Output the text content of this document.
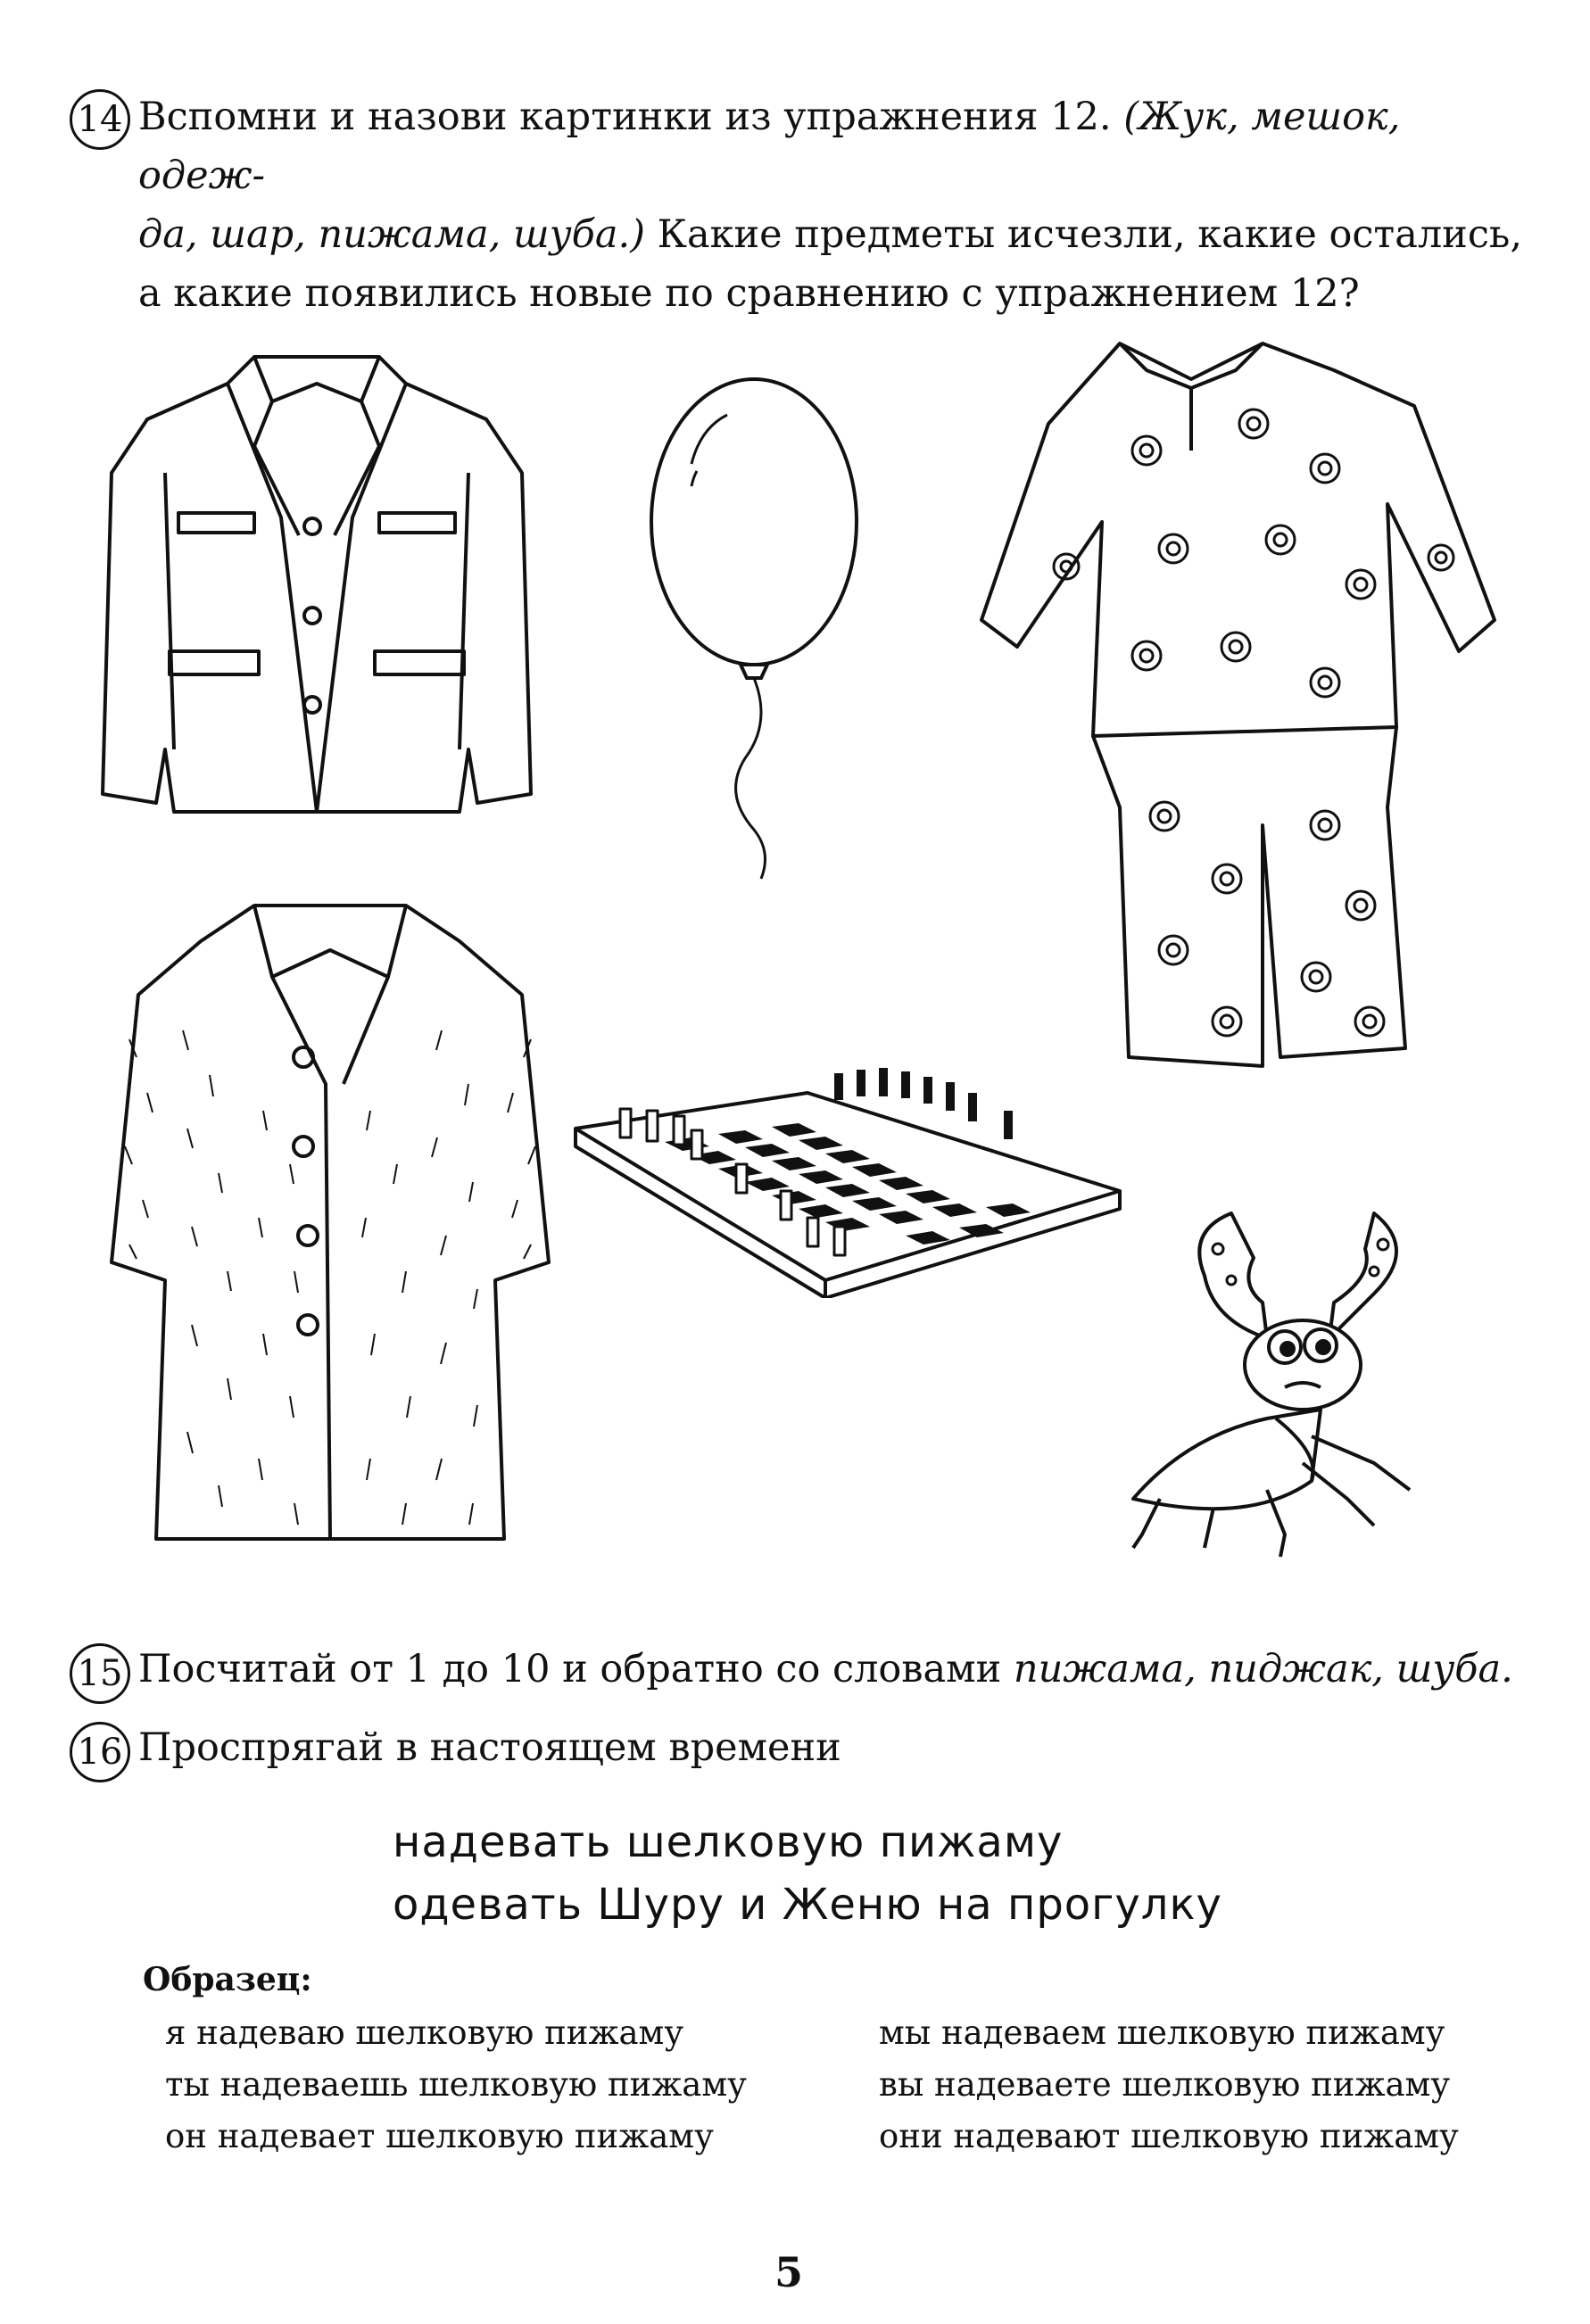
14 Вспомни и назови картинки из упражнения 12. (Жук, мешок, одеж-
да, шар, пижама, шуба.) Какие предметы исчезли, какие остались,
а какие появились новые по сравнению с упражнением 12?
15 Посчитай от 1 до 10 и обратно со словами пижама, пиджак, шуба.
16 Проспрягай в настоящем времени
надевать шелковую пижаму
одевать Шуру и Женю на прогулку
Образец:
я надеваю шелковую пижаму
ты надеваешь шелковую пижаму
он надевает шелковую пижаму
мы надеваем шелковую пижаму
вы надеваете шелковую пижаму
они надевают шелковую пижаму
5
